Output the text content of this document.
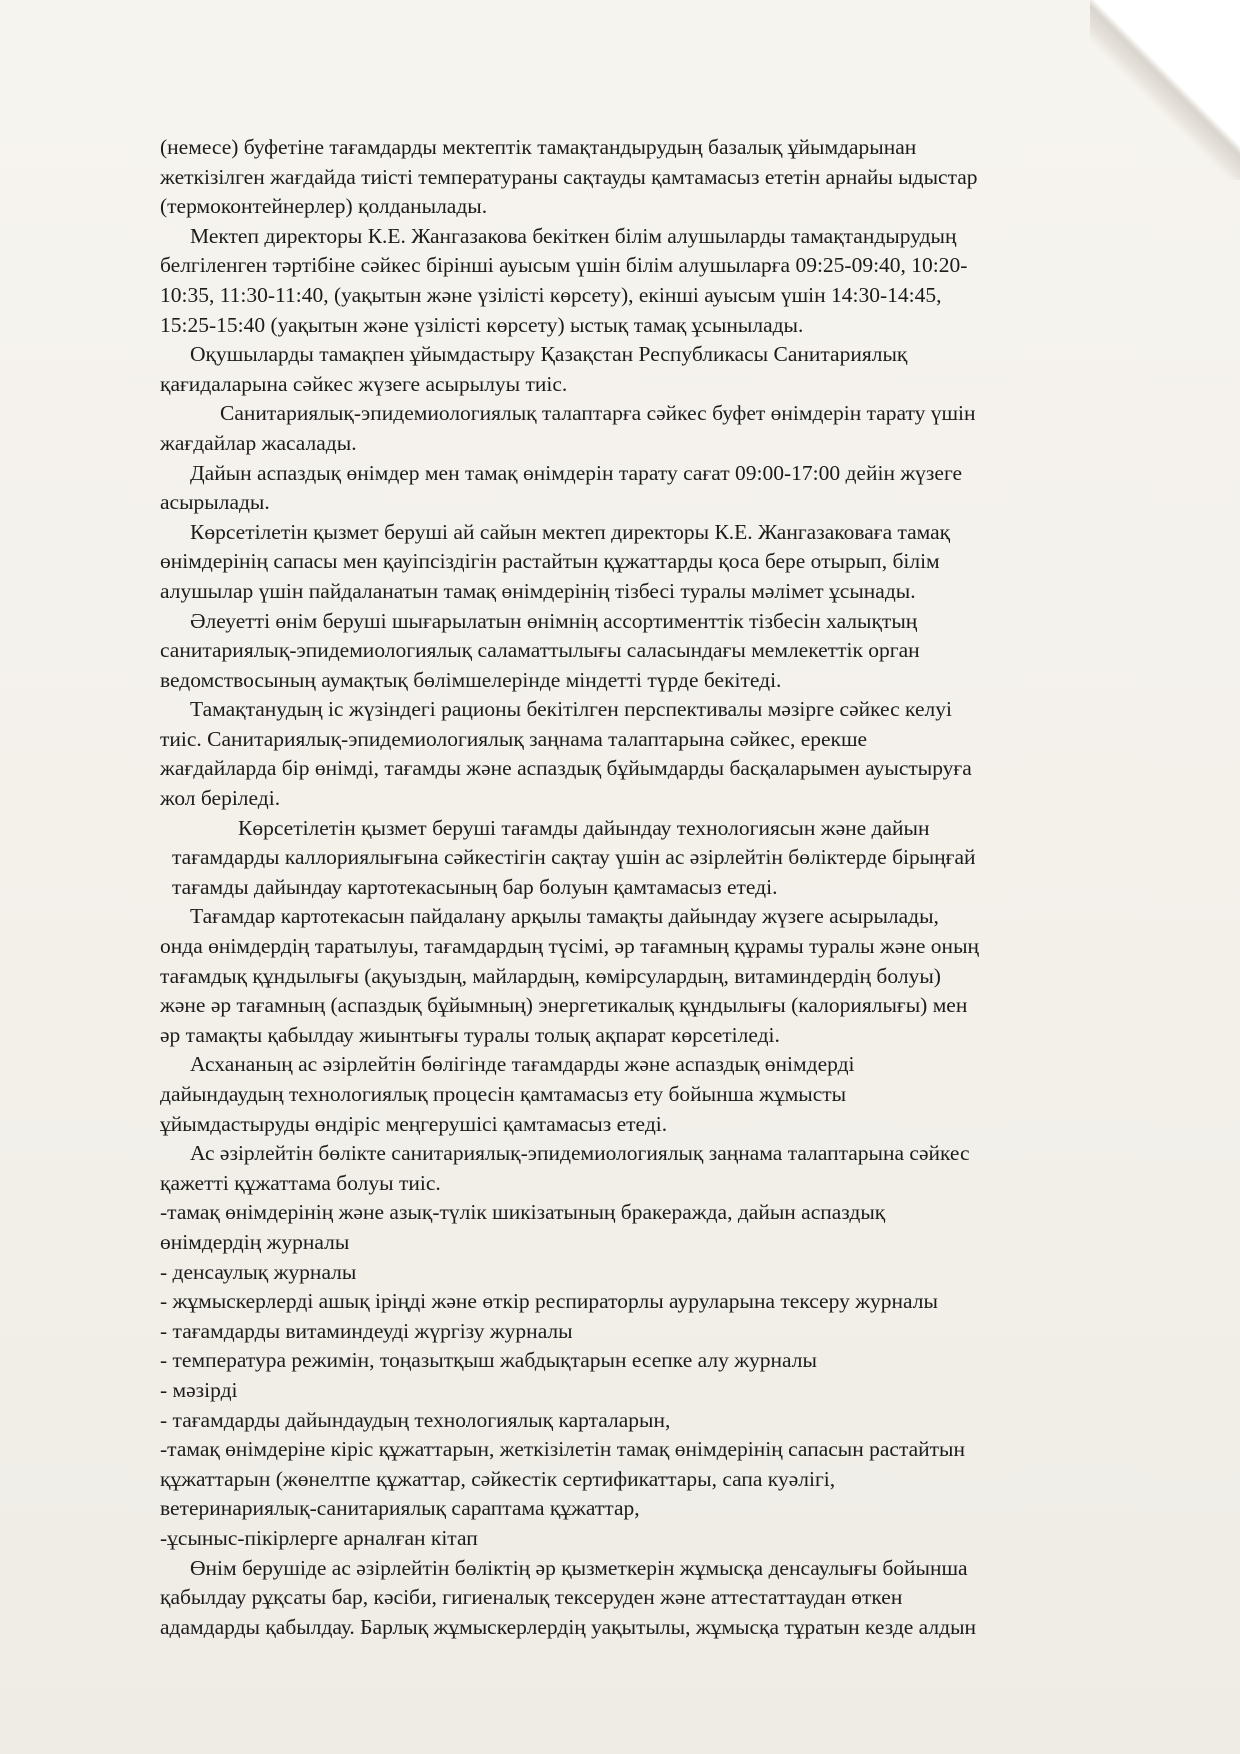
(немесе) буфетіне тағамдарды мектептік тамақтандырудың базалық ұйымдарынан

жеткізілген жағдайда тиісті температураны сақтауды қамтамасыз ететін арнайы ыдыстар

(термоконтейнерлер) қолданылады.

Мектеп директоры К.Е. Жангазакова бекіткен білім алушыларды тамақтандырудың

белгіленген тәртібіне сәйкес бірінші ауысым үшін білім алушыларға 09:25-09:40, 10:20-

10:35, 11:30-11:40, (уақытын және үзілісті көрсету), екінші ауысым үшін 14:30-14:45,

15:25-15:40 (уақытын және үзілісті көрсету) ыстық тамақ ұсынылады.

Оқушыларды тамақпен ұйымдастыру Қазақстан Республикасы Санитариялық

қағидаларына сәйкес жүзеге асырылуы тиіс.

Санитариялық-эпидемиологиялық талаптарға сәйкес буфет өнімдерін тарату үшін

жағдайлар жасалады.

Дайын аспаздық өнімдер мен тамақ өнімдерін тарату сағат 09:00-17:00 дейін жүзеге

асырылады.

Көрсетілетін қызмет беруші ай сайын мектеп директоры К.Е. Жангазаковаға тамақ

өнімдерінің сапасы мен қауіпсіздігін растайтын құжаттарды қоса бере отырып, білім

алушылар үшін пайдаланатын тамақ өнімдерінің тізбесі туралы мәлімет ұсынады.

Әлеуетті өнім беруші шығарылатын өнімнің ассортименттік тізбесін халықтың

санитариялық-эпидемиологиялық саламаттылығы саласындағы мемлекеттік орган

ведомствосының аумақтық бөлімшелерінде міндетті түрде бекітеді.

Тамақтанудың іс жүзіндегі рационы бекітілген перспективалы мәзірге сәйкес келуі

тиіс. Санитариялық-эпидемиологиялық заңнама талаптарына сәйкес, ерекше

жағдайларда бір өнімді, тағамды және аспаздық бұйымдарды басқаларымен ауыстыруға

жол беріледі.

Көрсетілетін қызмет беруші тағамды дайындау технологиясын және дайын

тағамдарды каллориялығына сәйкестігін сақтау үшін ас әзірлейтін бөліктерде бірыңғай

тағамды дайындау картотекасының бар болуын қамтамасыз етеді.

Тағамдар картотекасын пайдалану арқылы тамақты дайындау жүзеге асырылады,

онда өнімдердің таратылуы, тағамдардың түсімі, әр тағамның құрамы туралы және оның

тағамдық құндылығы (ақуыздың, майлардың, көмірсулардың, витаминдердің болуы)

және әр тағамның (аспаздық бұйымның) энергетикалық құндылығы (калориялығы) мен

әр тамақты қабылдау жиынтығы туралы толық ақпарат көрсетіледі.

Асхананың ас әзірлейтін бөлігінде тағамдарды және аспаздық өнімдерді

дайындаудың технологиялық процесін қамтамасыз ету бойынша жұмысты

ұйымдастыруды өндіріс меңгерушісі қамтамасыз етеді.

Ас әзірлейтін бөлікте санитариялық-эпидемиологиялық заңнама талаптарына сәйкес

қажетті құжаттама болуы тиіс.

-тамақ өнімдерінің және азық-түлік шикізатының бракеражда, дайын аспаздық

өнімдердің журналы

- денсаулық журналы

- жұмыскерлерді ашық іріңді және өткір респираторлы ауруларына тексеру журналы

- тағамдарды витаминдеуді жүргізу журналы

- температура режимін, тоңазытқыш жабдықтарын есепке алу журналы

- мәзірді

- тағамдарды дайындаудың технологиялық карталарын,

-тамақ өнімдеріне кіріс құжаттарын, жеткізілетін тамақ өнімдерінің сапасын растайтын

құжаттарын (жөнелтпе құжаттар, сәйкестік сертификаттары, сапа куәлігі,

ветеринариялық-санитариялық сараптама құжаттар,

-ұсыныс-пікірлерге арналған кітап

Өнім берушіде ас әзірлейтін бөліктің әр қызметкерін жұмысқа денсаулығы бойынша

қабылдау рұқсаты бар, кәсіби, гигиеналық тексеруден және аттестаттаудан өткен

адамдарды қабылдау. Барлық жұмыскерлердің уақытылы, жұмысқа тұратын кезде алдын
